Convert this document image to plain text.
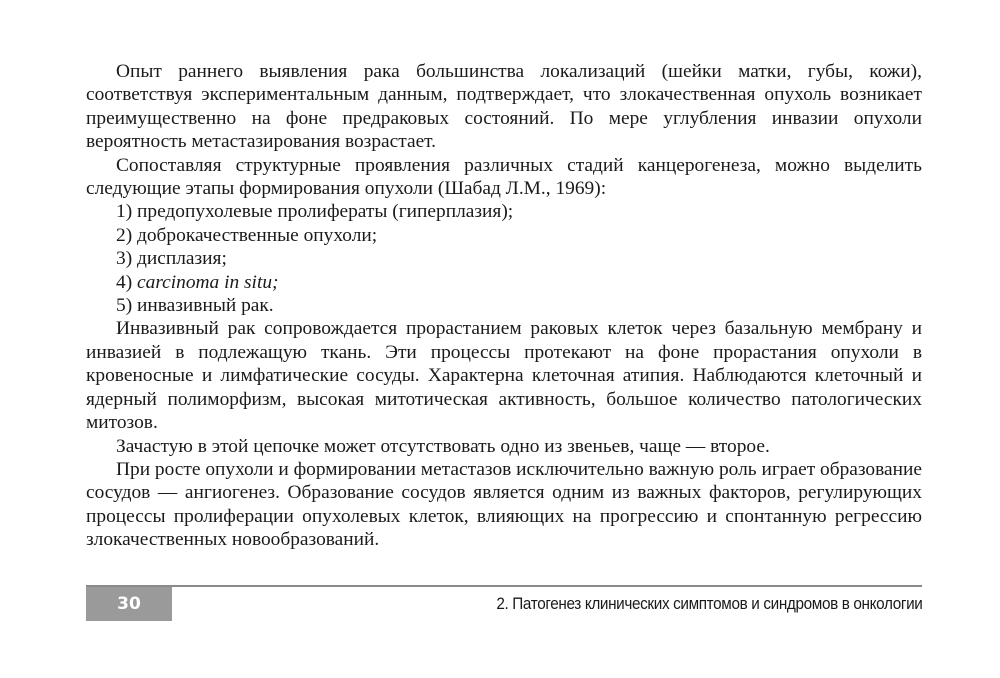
Опыт раннего выявления рака большинства локализаций (шейки матки, губы, кожи), соответствуя экспериментальным данным, подтверждает, что злокачественная опухоль возникает преимущественно на фоне предраковых состояний. По мере углубления инвазии опухоли вероятность метастазирования возрастает.

Сопоставляя структурные проявления различных стадий канцерогенеза, можно выделить следующие этапы формирования опухоли (Шабад Л.М., 1969):

1) предопухолевые пролифераты (гиперплазия);
2) доброкачественные опухоли;
3) дисплазия;
4) carcinoma in situ;
5) инвазивный рак.

Инвазивный рак сопровождается прорастанием раковых клеток через базальную мембрану и инвазией в подлежащую ткань. Эти процессы протекают на фоне прорастания опухоли в кровеносные и лимфатические сосуды. Характерна клеточная атипия. Наблюдаются клеточный и ядерный полиморфизм, высокая митотическая активность, большое количество патологических митозов.

Зачастую в этой цепочке может отсутствовать одно из звеньев, чаще — второе.

При росте опухоли и формировании метастазов исключительно важную роль играет образование сосудов — ангиогенез. Образование сосудов является одним из важных факторов, регулирующих процессы пролиферации опухолевых клеток, влияющих на прогрессию и спонтанную регрессию злокачественных новообразований.

30	2. Патогенез клинических симптомов и синдромов в онкологии
